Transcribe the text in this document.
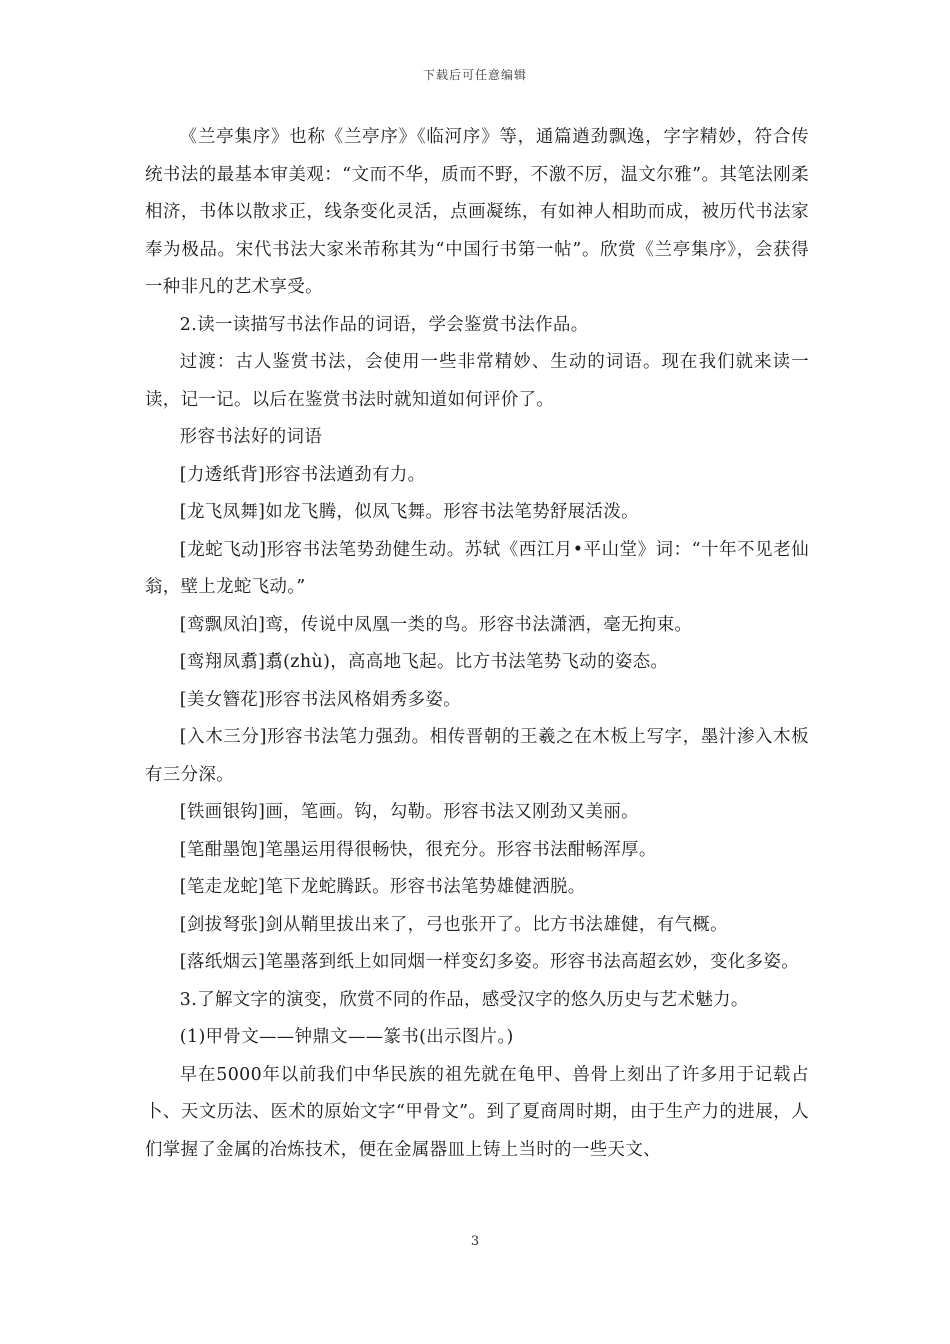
下载后可任意编辑

《兰亭集序》也称《兰亭序》《临河序》等，通篇遒劲飘逸，字字精妙，符合传统书法的最基本审美观：“文而不华，质而不野，不激不厉，温文尔雅”。其笔法刚柔相济，书体以散求正，线条变化灵活，点画凝练，有如神人相助而成，被历代书法家奉为极品。宋代书法大家米芾称其为“中国行书第一帖”。欣赏《兰亭集序》，会获得一种非凡的艺术享受。

2.读一读描写书法作品的词语，学会鉴赏书法作品。

过渡：古人鉴赏书法，会使用一些非常精妙、生动的词语。现在我们就来读一读，记一记。以后在鉴赏书法时就知道如何评价了。

形容书法好的词语

[力透纸背]形容书法遒劲有力。

[龙飞凤舞]如龙飞腾，似凤飞舞。形容书法笔势舒展活泼。

[龙蛇飞动]形容书法笔势劲健生动。苏轼《西江月•平山堂》词：“十年不见老仙翁，壁上龙蛇飞动。”

[鸾飘凤泊]鸾，传说中凤凰一类的鸟。形容书法潇洒，毫无拘束。

[鸾翔凤翥]翥(zhù)，高高地飞起。比方书法笔势飞动的姿态。

[美女簪花]形容书法风格娟秀多姿。

[入木三分]形容书法笔力强劲。相传晋朝的王羲之在木板上写字，墨汁渗入木板有三分深。

[铁画银钩]画，笔画。钩，勾勒。形容书法又刚劲又美丽。

[笔酣墨饱]笔墨运用得很畅快，很充分。形容书法酣畅浑厚。

[笔走龙蛇]笔下龙蛇腾跃。形容书法笔势雄健洒脱。

[剑拔弩张]剑从鞘里拔出来了，弓也张开了。比方书法雄健，有气概。

[落纸烟云]笔墨落到纸上如同烟一样变幻多姿。形容书法高超玄妙，变化多姿。

3.了解文字的演变，欣赏不同的作品，感受汉字的悠久历史与艺术魅力。

(1)甲骨文——钟鼎文——篆书(出示图片。)

早在5000年以前我们中华民族的祖先就在龟甲、兽骨上刻出了许多用于记载占卜、天文历法、医术的原始文字“甲骨文”。到了夏商周时期，由于生产力的进展，人们掌握了金属的冶炼技术，便在金属器皿上铸上当时的一些天文、

3
